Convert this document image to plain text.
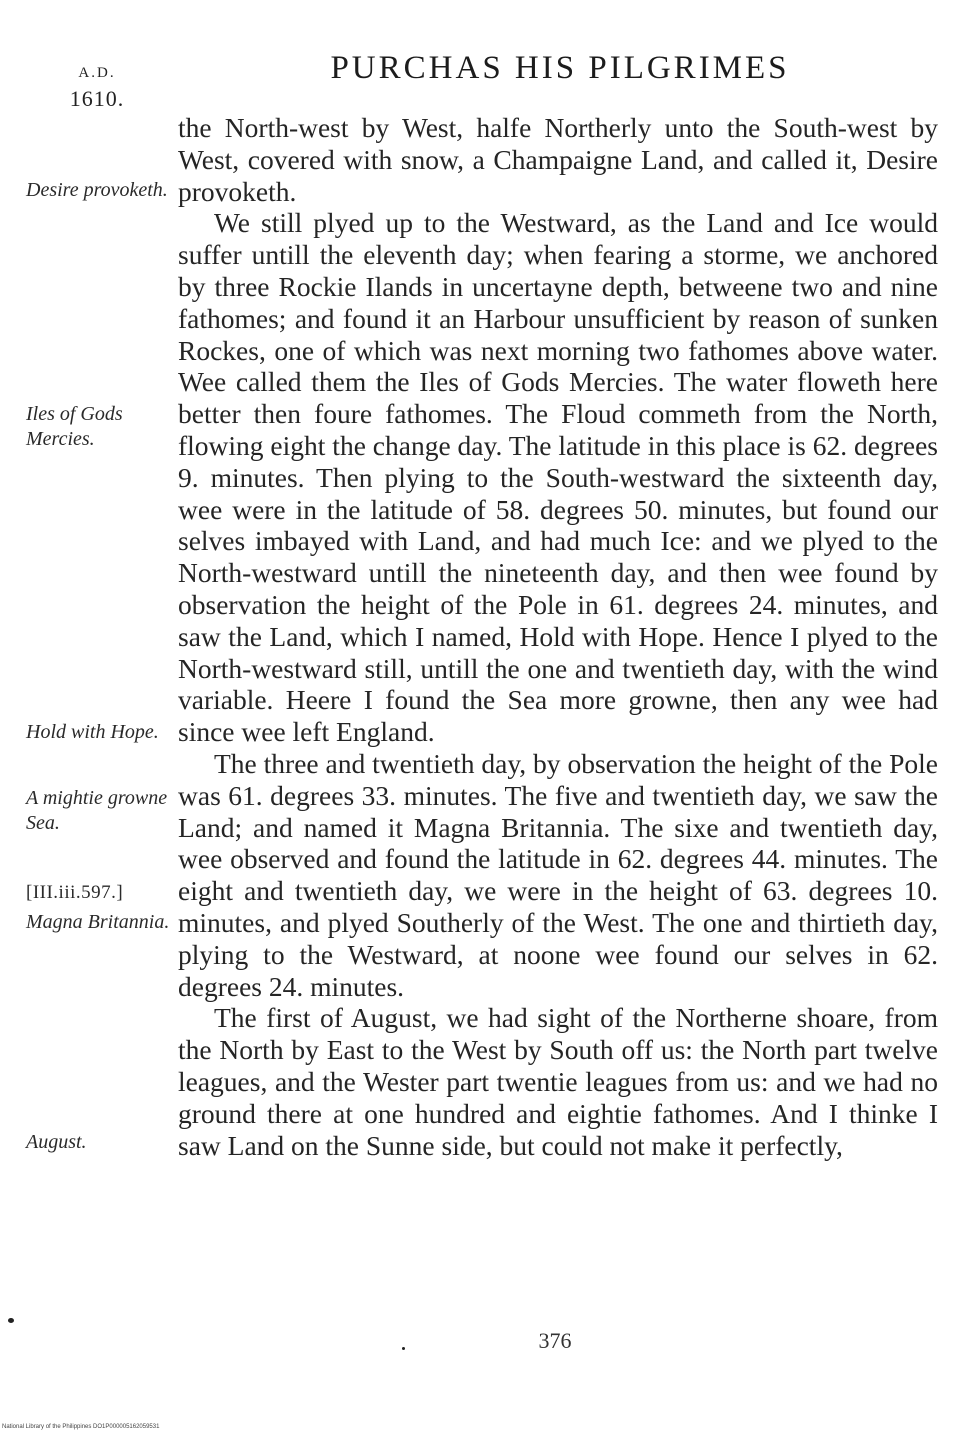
A.D.
1610.
PURCHAS HIS PILGRIMES
Desire provoketh.
Iles of Gods Mercies.
Hold with Hope.
A mightie growne Sea.
[III.iii.597.]
Magna Britannia.
August.

the North-west by West, halfe Northerly unto the South-west by West, covered with snow, a Champaigne Land, and called it, Desire provoketh.

We still plyed up to the Westward, as the Land and Ice would suffer untill the eleventh day; when fearing a storme, we anchored by three Rockie Ilands in uncertayne depth, betweene two and nine fathomes; and found it an Harbour unsufficient by reason of sunken Rockes, one of which was next morning two fathomes above water. Wee called them the Iles of Gods Mercies. The water floweth here better then foure fathomes. The Floud commeth from the North, flowing eight the change day. The latitude in this place is 62. degrees 9. minutes. Then plying to the South-westward the sixteenth day, wee were in the latitude of 58. degrees 50. minutes, but found our selves imbayed with Land, and had much Ice: and we plyed to the North-westward untill the nineteenth day, and then wee found by observation the height of the Pole in 61. degrees 24. minutes, and saw the Land, which I named, Hold with Hope. Hence I plyed to the North-westward still, untill the one and twentieth day, with the wind variable. Heere I found the Sea more growne, then any wee had since wee left England.

The three and twentieth day, by observation the height of the Pole was 61. degrees 33. minutes. The five and twentieth day, we saw the Land; and named it Magna Britannia. The sixe and twentieth day, wee observed and found the latitude in 62. degrees 44. minutes. The eight and twentieth day, we were in the height of 63. degrees 10. minutes, and plyed Southerly of the West. The one and thirtieth day, plying to the Westward, at noone wee found our selves in 62. degrees 24. minutes.

The first of August, we had sight of the Northerne shoare, from the North by East to the West by South off us: the North part twelve leagues, and the Wester part twentie leagues from us: and we had no ground there at one hundred and eightie fathomes. And I thinke I saw Land on the Sunne side, but could not make it perfectly,

376
National Library of the Philippines DO1P000005162059531
